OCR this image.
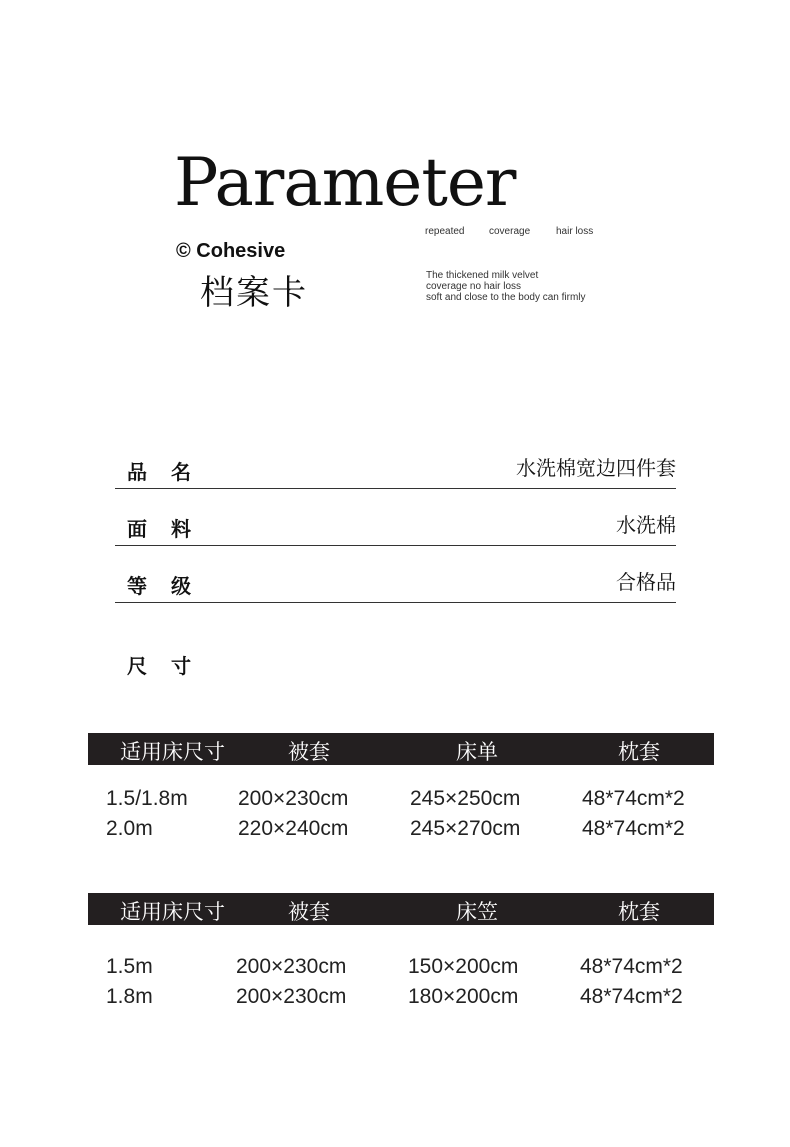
Parameter
repeated coverage	hair loss
© Cohesive
档案卡	The thickened milk velvet
coverage no hair loss
soft and close to the body can firmly
品名	水洗棉宽边四件套
面料	水洗棉
等级	合格品
尺寸
适用床尺寸	被套	床单	枕套
1.5/1.8m 200×230cm	245×250cm	48*74cm*2
2.0m	220×240cm	245×270cm	48*74cm*2
适用床尺寸	被套	床笠	枕套
1.5m	200×230cm	150×200cm	48*74cm*2
1.8m	200×230cm	180×200cm	48*74cm*2
